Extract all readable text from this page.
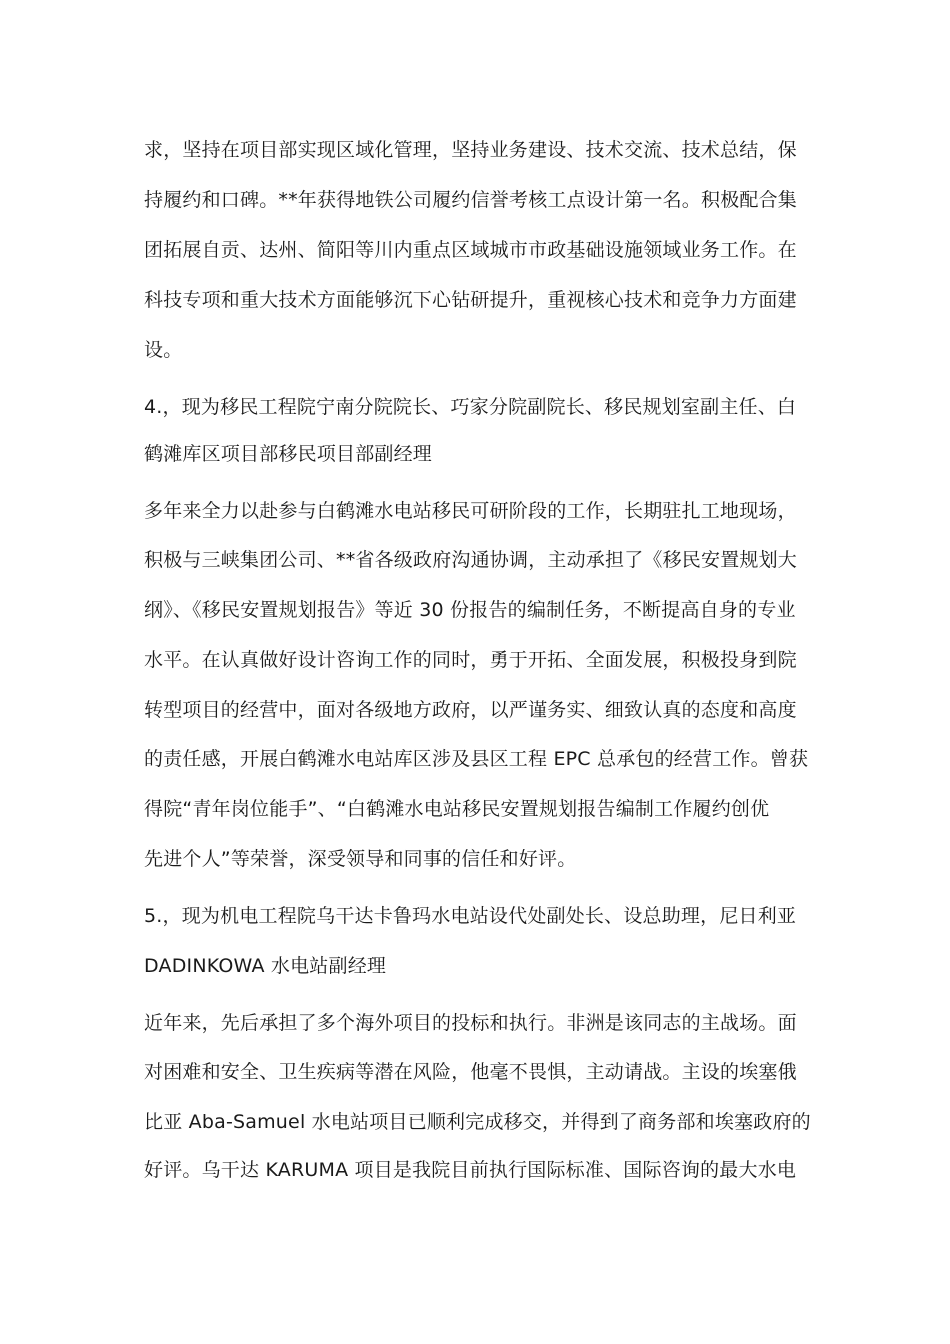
求，坚持在项目部实现区域化管理，坚持业务建设、技术交流、技术总结，保
持履约和口碑。**年获得地铁公司履约信誉考核工点设计第一名。积极配合集
团拓展自贡、达州、简阳等川内重点区域城市市政基础设施领域业务工作。在
科技专项和重大技术方面能够沉下心钻研提升，重视核心技术和竞争力方面建
设。
4.，现为移民工程院宁南分院院长、巧家分院副院长、移民规划室副主任、白
鹤滩库区项目部移民项目部副经理
多年来全力以赴参与白鹤滩水电站移民可研阶段的工作，长期驻扎工地现场，
积极与三峡集团公司、**省各级政府沟通协调，主动承担了《移民安置规划大
纲》、《移民安置规划报告》等近 30 份报告的编制任务，不断提高自身的专业
水平。在认真做好设计咨询工作的同时，勇于开拓、全面发展，积极投身到院
转型项目的经营中，面对各级地方政府，以严谨务实、细致认真的态度和高度
的责任感，开展白鹤滩水电站库区涉及县区工程 EPC 总承包的经营工作。曾获
得院“青年岗位能手”、“白鹤滩水电站移民安置规划报告编制工作履约创优
先进个人”等荣誉，深受领导和同事的信任和好评。
5.，现为机电工程院乌干达卡鲁玛水电站设代处副处长、设总助理，尼日利亚
DADINKOWA 水电站副经理
近年来，先后承担了多个海外项目的投标和执行。非洲是该同志的主战场。面
对困难和安全、卫生疾病等潜在风险，他毫不畏惧，主动请战。主设的埃塞俄
比亚 Aba-Samuel 水电站项目已顺利完成移交，并得到了商务部和埃塞政府的
好评。乌干达 KARUMA 项目是我院目前执行国际标准、国际咨询的最大水电
